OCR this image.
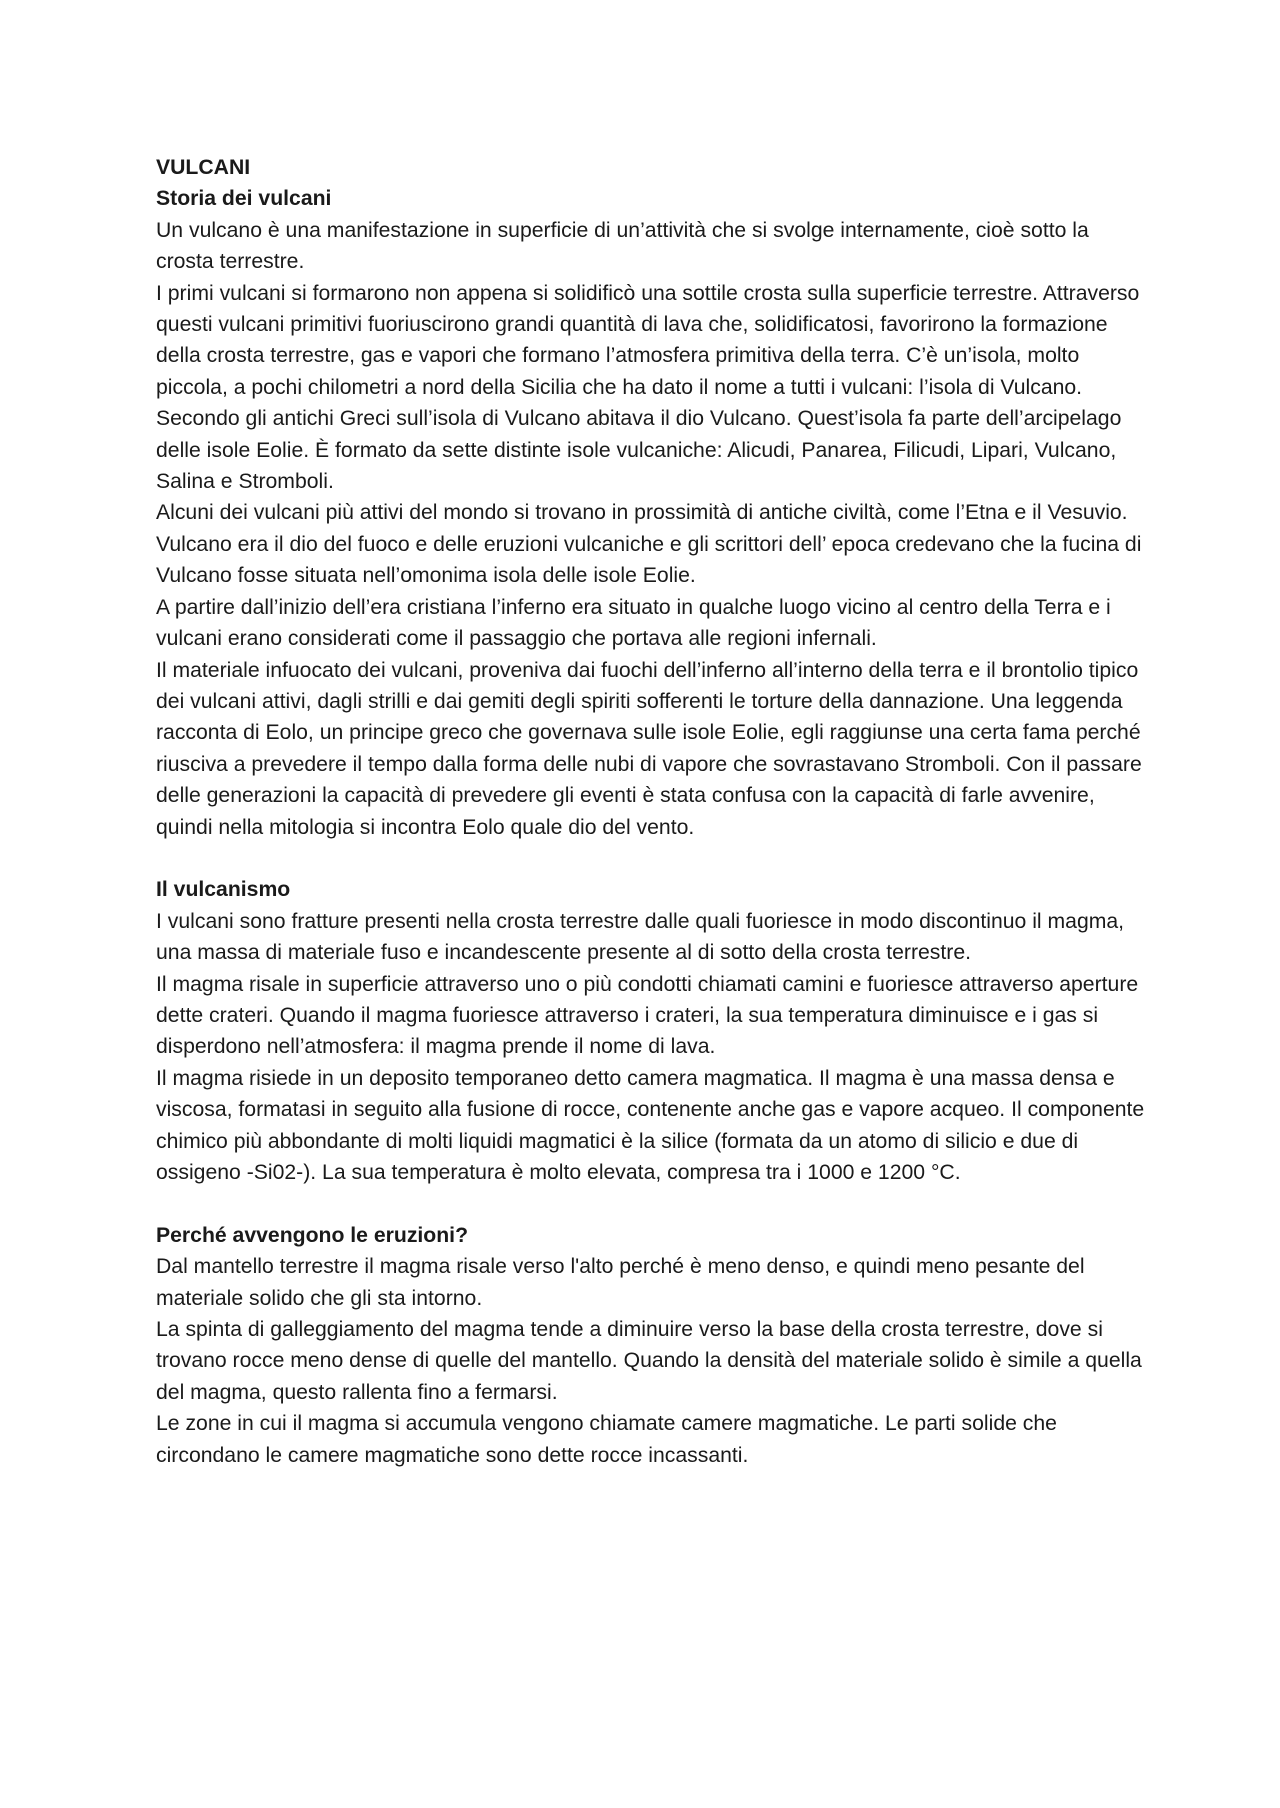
VULCANI
Storia dei vulcani

Un vulcano è una manifestazione in superficie di un’attività che si svolge internamente, cioè sotto la crosta terrestre.

I primi vulcani si formarono non appena si solidificò una sottile crosta sulla superficie terrestre. Attraverso questi vulcani primitivi fuoriuscirono grandi quantità di lava che, solidificatosi, favorirono la formazione della crosta terrestre, gas e vapori che formano l’atmosfera primitiva della terra. C’è un’isola, molto piccola, a pochi chilometri a nord della Sicilia che ha dato il nome a tutti i vulcani: l’isola di Vulcano. Secondo gli antichi Greci sull’isola di Vulcano abitava il dio Vulcano. Quest’isola fa parte dell’arcipelago delle isole Eolie. È formato da sette distinte isole vulcaniche: Alicudi, Panarea, Filicudi, Lipari, Vulcano, Salina e Stromboli.

Alcuni dei vulcani più attivi del mondo si trovano in prossimità di antiche civiltà, come l’Etna e il Vesuvio.

Vulcano era il dio del fuoco e delle eruzioni vulcaniche e gli scrittori dell’ epoca credevano che la fucina di Vulcano fosse situata nell’omonima isola delle isole Eolie.

A partire dall’inizio dell’era cristiana l’inferno era situato in qualche luogo vicino al centro della Terra e i vulcani erano considerati come il passaggio che portava alle regioni infernali.

Il materiale infuocato dei vulcani, proveniva dai fuochi dell’inferno all’interno della terra e il brontolio tipico dei vulcani attivi, dagli strilli e dai gemiti degli spiriti sofferenti le torture della dannazione. Una leggenda racconta di Eolo, un principe greco che governava sulle isole Eolie, egli raggiunse una certa fama perché riusciva a prevedere il tempo dalla forma delle nubi di vapore che sovrastavano Stromboli. Con il passare delle generazioni la capacità di prevedere gli eventi è stata confusa con la capacità di farle avvenire, quindi nella mitologia si incontra Eolo quale dio del vento.

Il vulcanismo

I vulcani sono fratture presenti nella crosta terrestre dalle quali fuoriesce in modo discontinuo il magma, una massa di materiale fuso e incandescente presente al di sotto della crosta terrestre.

Il magma risale in superficie attraverso uno o più condotti chiamati camini e fuoriesce attraverso aperture dette crateri. Quando il magma fuoriesce attraverso i crateri, la sua temperatura diminuisce e i gas si disperdono nell’atmosfera: il magma prende il nome di lava.

Il magma risiede in un deposito temporaneo detto camera magmatica. Il magma è una massa densa e viscosa, formatasi in seguito alla fusione di rocce, contenente anche gas e vapore acqueo. Il componente chimico più abbondante di molti liquidi magmatici è la silice (formata da un atomo di silicio e due di ossigeno -Si02-). La sua temperatura è molto elevata, compresa tra i 1000 e 1200 °C.

Perché avvengono le eruzioni?

Dal mantello terrestre il magma risale verso l'alto perché è meno denso, e quindi meno pesante del materiale solido che gli sta intorno.

La spinta di galleggiamento del magma tende a diminuire verso la base della crosta terrestre, dove si trovano rocce meno dense di quelle del mantello. Quando la densità del materiale solido è simile a quella del magma, questo rallenta fino a fermarsi.

Le zone in cui il magma si accumula vengono chiamate camere magmatiche. Le parti solide che circondano le camere magmatiche sono dette rocce incassanti.
